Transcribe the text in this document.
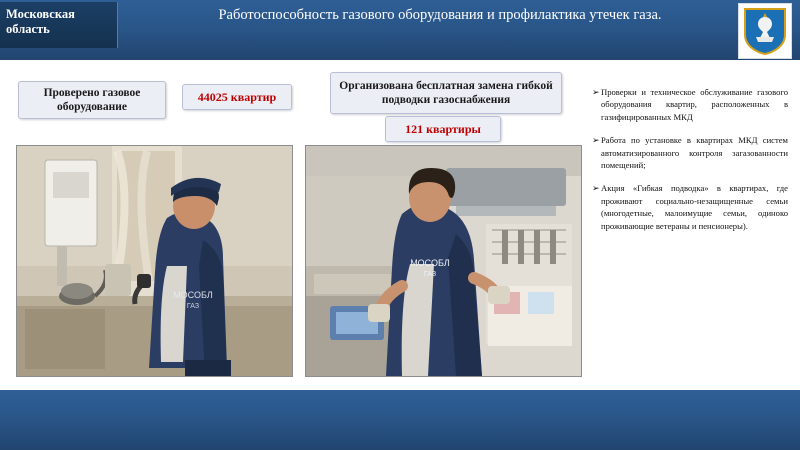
Московская область
Работоспособность газового оборудования и профилактика утечек газа.
Проверено газовое оборудование
44025 квартир
Организована бесплатная замена гибкой подводки газоснабжения
121 квартиры
МОСОБЛ
ГАЗ
МОСОБЛ
ГАЗ
➢ Проверки и техническое обслуживание газового оборудования квартир, расположенных в газифицированных МКД
➢ Работа по установке в квартирах МКД систем автоматизированного контроля загазованности помещений;
➢ Акция «Гибкая подводка» в квартирах, где проживают социально-незащищенные семьи (многодетные, малоимущие семьи, одиноко проживающие ветераны и пенсионеры).
